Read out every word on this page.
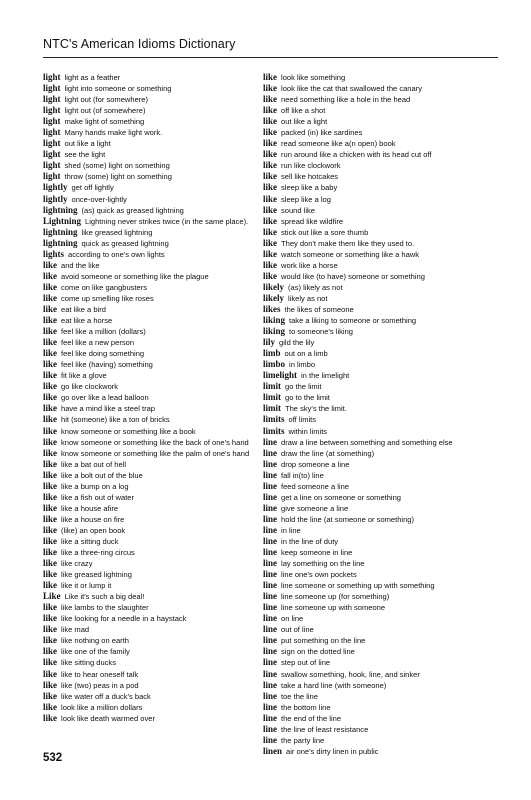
NTC's American Idioms Dictionary
light light as a feather
light light into someone or something
light light out (for somewhere)
light light out (of somewhere)
light make light of something
light Many hands make light work.
light out like a light
light see the light
light shed (some) light on something
light throw (some) light on something
lightly get off lightly
lightly once-over-lightly
lightning (as) quick as greased lightning
Lightning Lightning never strikes twice (in the same place).
lightning like greased lightning
lightning quick as greased lightning
lights according to one's own lights
like and the like
like avoid someone or something like the plague
like come on like gangbusters
like come up smelling like roses
like eat like a bird
like eat like a horse
like feel like a million (dollars)
like feel like a new person
like feel like doing something
like feel like (having) something
like fit like a glove
like go like clockwork
like go over like a lead balloon
like have a mind like a steel trap
like hit (someone) like a ton of bricks
like know someone or something like a book
like know someone or something like the back of one's hand
like know someone or something like the palm of one's hand
like like a bat out of hell
like like a bolt out of the blue
like like a bump on a log
like like a fish out of water
like like a house afire
like like a house on fire
like (like) an open book
like like a sitting duck
like like a three-ring circus
like like crazy
like like greased lightning
like like it or lump it
Like Like it's such a big deal!
like like lambs to the slaughter
like like looking for a needle in a haystack
like like mad
like like nothing on earth
like like one of the family
like like sitting ducks
like like to hear oneself talk
like like (two) peas in a pod
like like water off a duck's back
like look like a million dollars
like look like death warmed over
like look like something
like look like the cat that swallowed the canary
like need something like a hole in the head
like off like a shot
like out like a light
like packed (in) like sardines
like read someone like a(n open) book
like run around like a chicken with its head cut off
like run like clockwork
like sell like hotcakes
like sleep like a baby
like sleep like a log
like sound like
like spread like wildfire
like stick out like a sore thumb
like They don't make them like they used to.
like watch someone or something like a hawk
like work like a horse
like would like (to have) someone or something
likely (as) likely as not
likely likely as not
likes the likes of someone
liking take a liking to someone or something
liking to someone's liking
lily gild the lily
limb out on a limb
limbo in limbo
limelight in the limelight
limit go the limit
limit go to the limit
limit The sky's the limit.
limits off limits
limits within limits
line draw a line between something and something else
line draw the line (at something)
line drop someone a line
line fall in(to) line
line feed someone a line
line get a line on someone or something
line give someone a line
line hold the line (at someone or something)
line in line
line in the line of duty
line keep someone in line
line lay something on the line
line line one's own pockets
line line someone or something up with something
line line someone up (for something)
line line someone up with someone
line on line
line out of line
line put something on the line
line sign on the dotted line
line step out of line
line swallow something, hook, line, and sinker
line take a hard line (with someone)
line toe the line
line the bottom line
line the end of the line
line the line of least resistance
line the party line
linen air one's dirty linen in public
532
